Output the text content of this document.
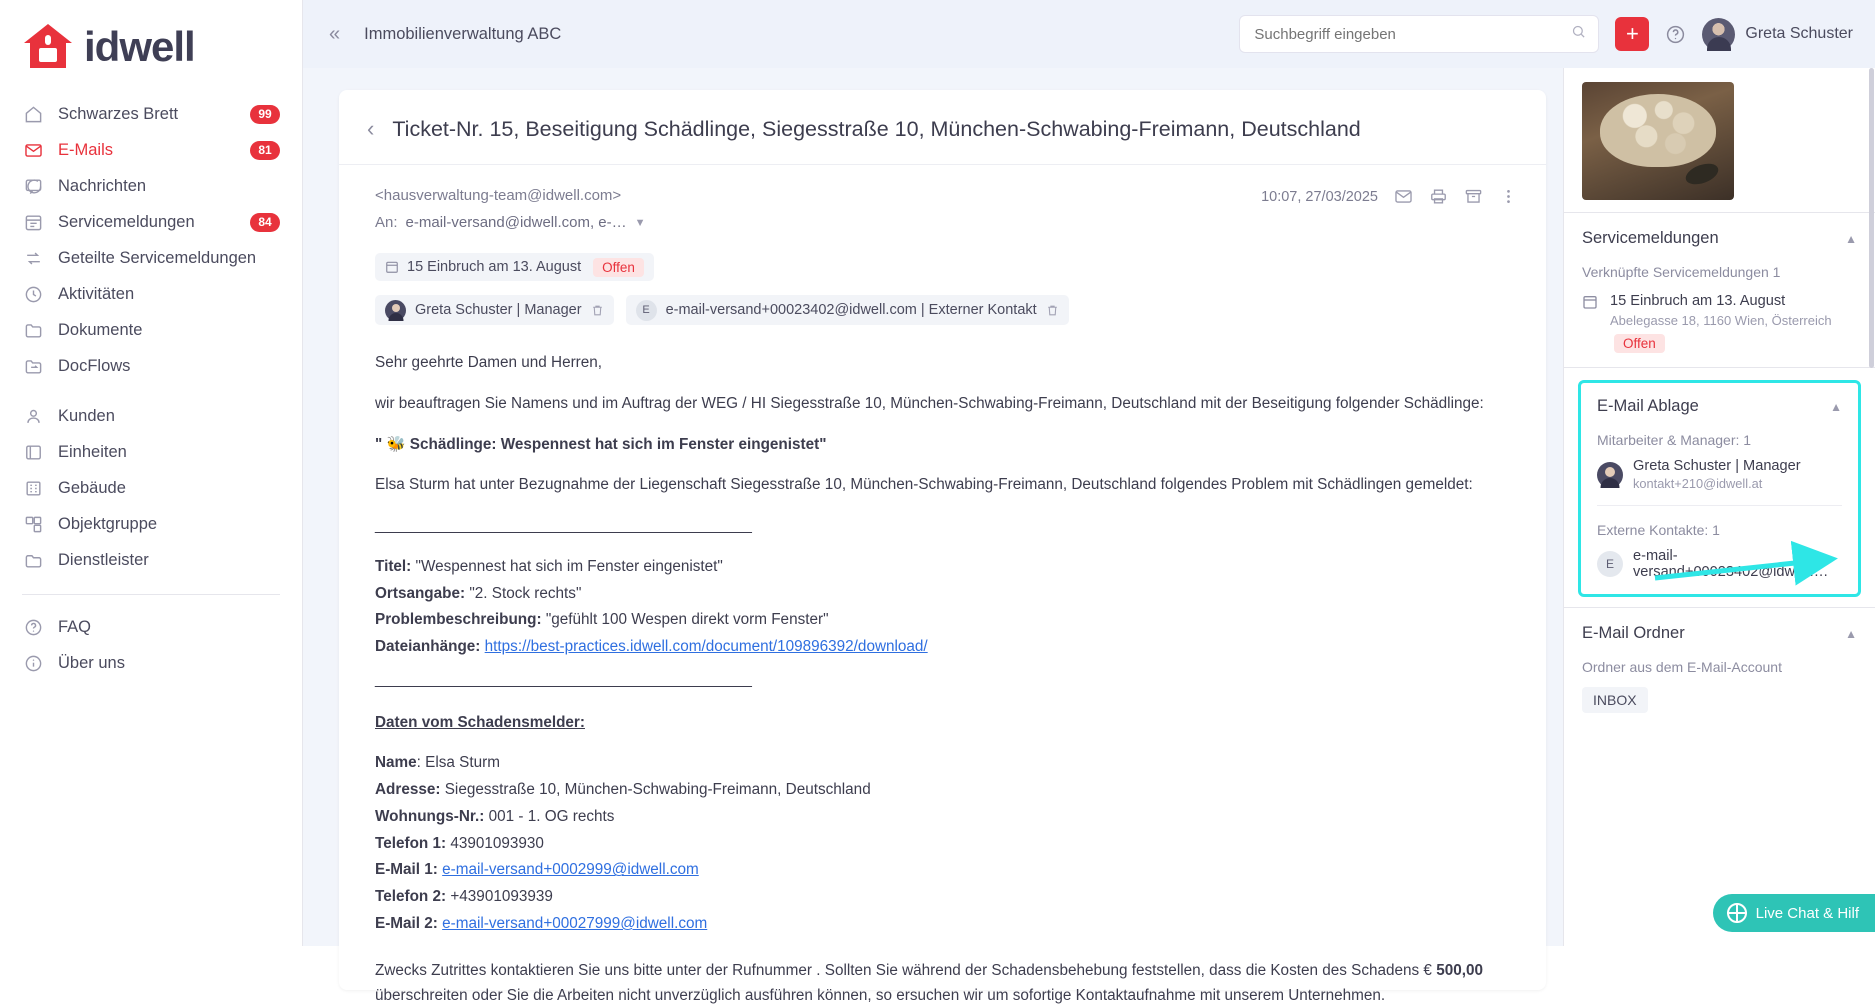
idwell
Schwarzes Brett	99
E-Mails	81
Nachrichten
Servicemeldungen	84
Geteilte Servicemeldungen
Aktivitäten
Dokumente
DocFlows
Kunden
Einheiten
Gebäude
Objektgruppe
Dienstleister
FAQ
Über uns
«	Immobilienverwaltung ABC
Suchbegriff eingeben	+	Greta Schuster
‹ Ticket-Nr. 15, Beseitigung Schädlinge, Siegesstraße 10, München-Schwabing-Freimann, Deutschland
<hausverwaltung-team@idwell.com>
An: e-mail-versand@idwell.com, e-… ▼
10:07, 27/03/2025
15 Einbruch am 13. August	Offen
Greta Schuster | Manager	E	e-mail-versand+00023402@idwell.com | Externer Kontakt

Sehr geehrte Damen und Herren,

wir beauftragen Sie Namens und im Auftrag der WEG / HI Siegesstraße 10, München-Schwabing-Freimann, Deutschland mit der Beseitigung folgender Schädlinge:

" 🐝 Schädlinge: Wespennest hat sich im Fenster eingenistet"

Elsa Sturm hat unter Bezugnahme der Liegenschaft Siegesstraße 10, München-Schwabing-Freimann, Deutschland folgendes Problem mit Schädlingen gemeldet:

_______________________________________________

Titel: "Wespennest hat sich im Fenster eingenistet"

Ortsangabe: "2. Stock rechts"

Problembeschreibung: "gefühlt 100 Wespen direkt vorm Fenster"

Dateianhänge: https://best-practices.idwell.com/document/109896392/download/

_______________________________________________

Daten vom Schadensmelder:

Name: Elsa Sturm

Adresse: Siegesstraße 10, München-Schwabing-Freimann, Deutschland

Wohnungs-Nr.: 001 - 1. OG rechts

Telefon 1: 43901093930

E-Mail 1: e-mail-versand+0002999@idwell.com

Telefon 2: +43901093939

E-Mail 2: e-mail-versand+00027999@idwell.com

Zwecks Zutrittes kontaktieren Sie uns bitte unter der Rufnummer . Sollten Sie während der Schadensbehebung feststellen, dass die Kosten des Schadens € 500,00 überschreiten oder Sie die Arbeiten nicht unverzüglich ausführen können, so ersuchen wir um sofortige Kontaktaufnahme mit unserem Unternehmen.

Servicemeldungen	▲
Verknüpfte Servicemeldungen 1
15 Einbruch am 13. August
Abelegasse 18, 1160 Wien, Österreich
Offen
E-Mail Ablage	▲
Mitarbeiter & Manager: 1
Greta Schuster | Manager
kontakt+210@idwell.at
Externe Kontakte: 1
E	e-mail-versand+00023402@idwell.…
E-Mail Ordner	▲
Ordner aus dem E-Mail-Account
INBOX
Live Chat & Hilf
